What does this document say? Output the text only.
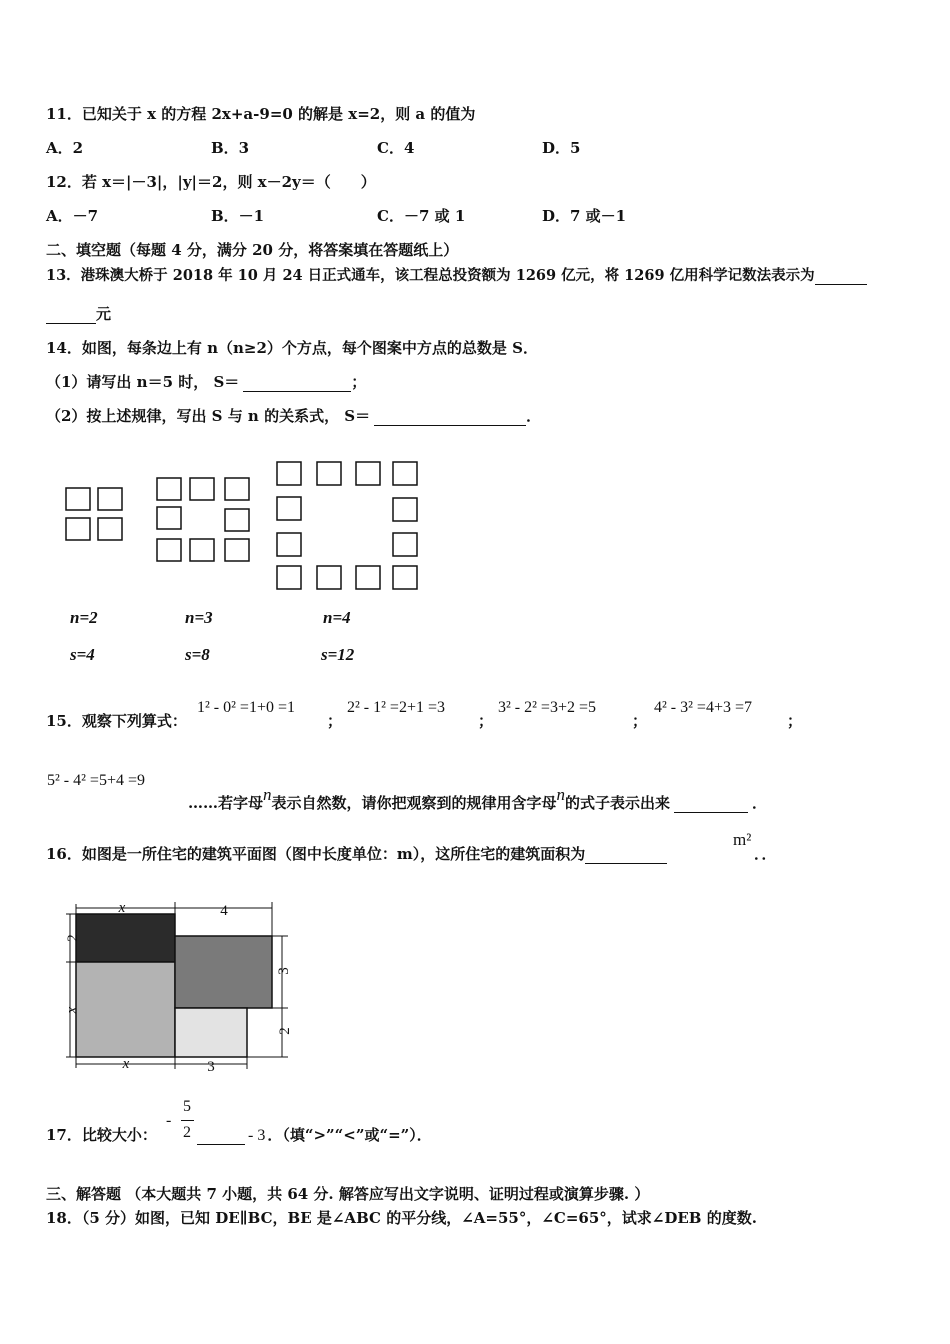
11．已知关于 x 的方程 2x+a-9=0 的解是 x=2，则 a 的值为
A．2	B．3	C．4	D．5
12．若 x＝|－3|，|y|＝2，则 x－2y＝（　　）
A．－7	B．－1	C．－7 或 1	D．7 或－1
二、填空题（每题 4 分，满分 20 分，将答案填在答题纸上）
13．港珠澳大桥于 2018 年 10 月 24 日正式通车，该工程总投资额为 1269 亿元，将 1269 亿用科学记数法表示为
元
14．如图，每条边上有 n（n≥2）个方点，每个图案中方点的总数是 S．
（1）请写出 n＝5 时， S＝	；
（2）按上述规律，写出 S 与 n 的关系式， S＝	．
n=2	n=3	n=4
s=4	s=8	s=12
15．观察下列算式：
1² - 0² =1+0 =1
；
2² - 1² =2+1 =3
；
3² - 2² =3+2 =5
；
4² - 3² =4+3 =7
；
5² - 4² =5+4 =9
……若字母n表示自然数，请你把观察到的规律用含字母n的式子表示出来	．
16．如图是一所住宅的建筑平面图（图中长度单位：m），这所住宅的建筑面积为
m²
．．
x	4
2
x
3
2
x	3
17．比较大小：
-
5
2	- 3 ．（填“>”“<”或“=”）．
三、解答题 （本大题共 7 小题，共 64 分. 解答应写出文字说明、证明过程或演算步骤. ）
18．（5 分）如图，已知 DE∥BC，BE 是∠ABC 的平分线，∠A=55°，∠C=65°，试求∠DEB 的度数.
